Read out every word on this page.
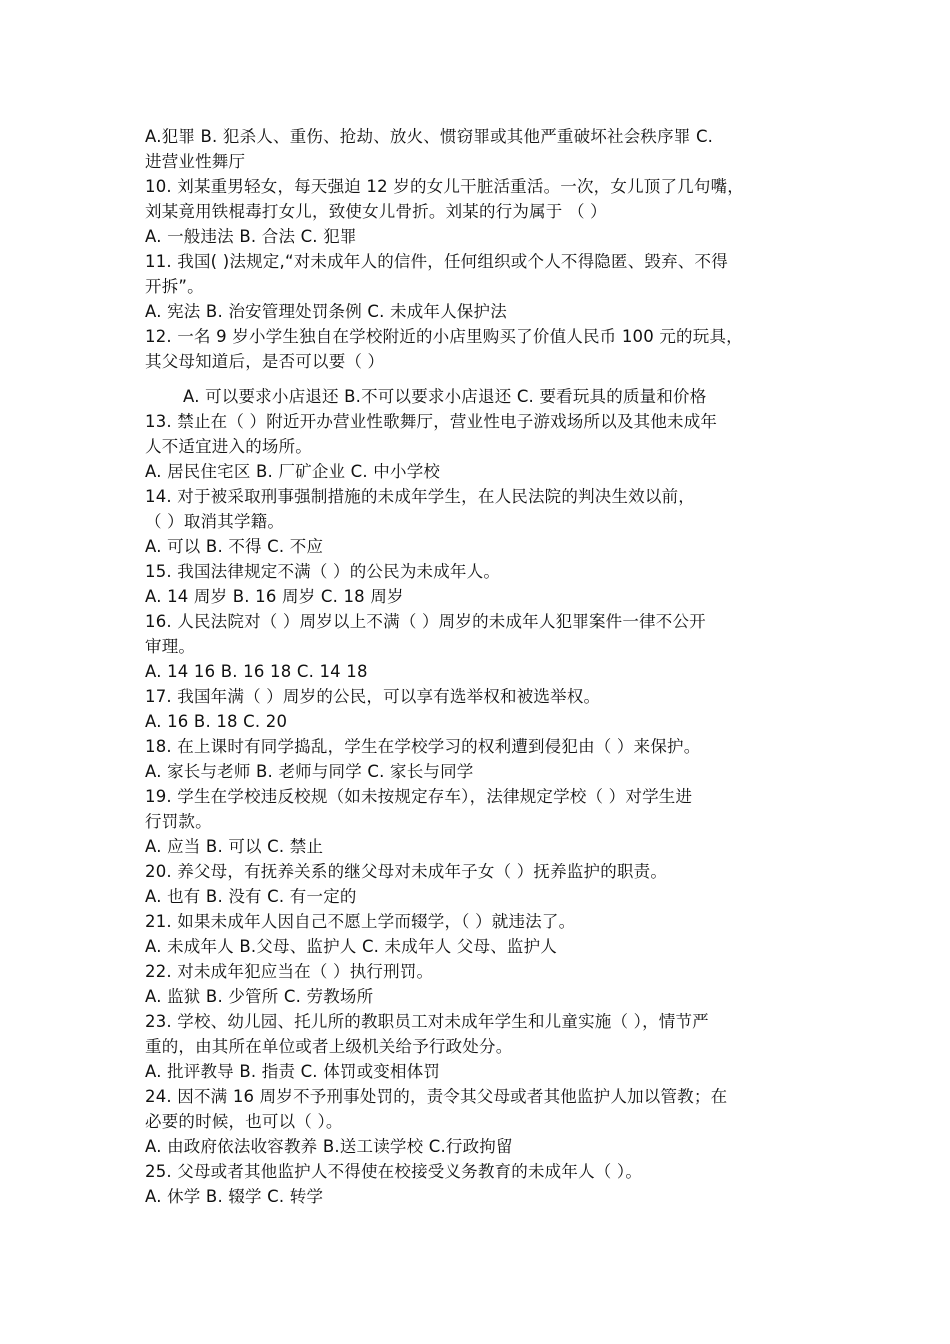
A.犯罪 B. 犯杀人、重伤、抢劫、放火、惯窃罪或其他严重破坏社会秩序罪 C.
进营业性舞厅
10. 刘某重男轻女，每天强迫 12 岁的女儿干脏活重活。一次，女儿顶了几句嘴，
刘某竟用铁棍毒打女儿，致使女儿骨折。刘某的行为属于 （ ）
A. 一般违法 B. 合法 C. 犯罪
11. 我国( )法规定,“对未成年人的信件，任何组织或个人不得隐匿、毁弃、不得
开拆”。
A. 宪法 B. 治安管理处罚条例 C. 未成年人保护法
12. 一名 9 岁小学生独自在学校附近的小店里购买了价值人民币 100 元的玩具，
其父母知道后，是否可以要（ ）
A. 可以要求小店退还 B.不可以要求小店退还 C. 要看玩具的质量和价格
13. 禁止在（ ）附近开办营业性歌舞厅，营业性电子游戏场所以及其他未成年
人不适宜进入的场所。
A. 居民住宅区 B. 厂矿企业 C. 中小学校
14. 对于被采取刑事强制措施的未成年学生，在人民法院的判决生效以前，
（ ）取消其学籍。
A. 可以 B. 不得 C. 不应
15. 我国法律规定不满（ ）的公民为未成年人。
A. 14 周岁 B. 16 周岁 C. 18 周岁
16. 人民法院对（ ）周岁以上不满（ ）周岁的未成年人犯罪案件一律不公开
审理。
A. 14 16 B. 16 18 C. 14 18
17. 我国年满（ ）周岁的公民，可以享有选举权和被选举权。
A. 16 B. 18 C. 20
18. 在上课时有同学捣乱，学生在学校学习的权利遭到侵犯由（ ）来保护。
A. 家长与老师 B. 老师与同学 C. 家长与同学
19. 学生在学校违反校规（如未按规定存车），法律规定学校（ ）对学生进
行罚款。
A. 应当 B. 可以 C. 禁止
20. 养父母，有抚养关系的继父母对未成年子女（ ）抚养监护的职责。
A. 也有 B. 没有 C. 有一定的
21. 如果未成年人因自己不愿上学而辍学，（ ）就违法了。
A. 未成年人 B.父母、监护人 C. 未成年人 父母、监护人
22. 对未成年犯应当在（ ）执行刑罚。
A. 监狱 B. 少管所 C. 劳教场所
23. 学校、幼儿园、托儿所的教职员工对未成年学生和儿童实施（ ），情节严
重的，由其所在单位或者上级机关给予行政处分。
A. 批评教导 B. 指责 C. 体罚或变相体罚
24. 因不满 16 周岁不予刑事处罚的，责令其父母或者其他监护人加以管教；在
必要的时候，也可以（ ）。
A. 由政府依法收容教养 B.送工读学校 C.行政拘留
25. 父母或者其他监护人不得使在校接受义务教育的未成年人（ ）。
A. 休学 B. 辍学 C. 转学
